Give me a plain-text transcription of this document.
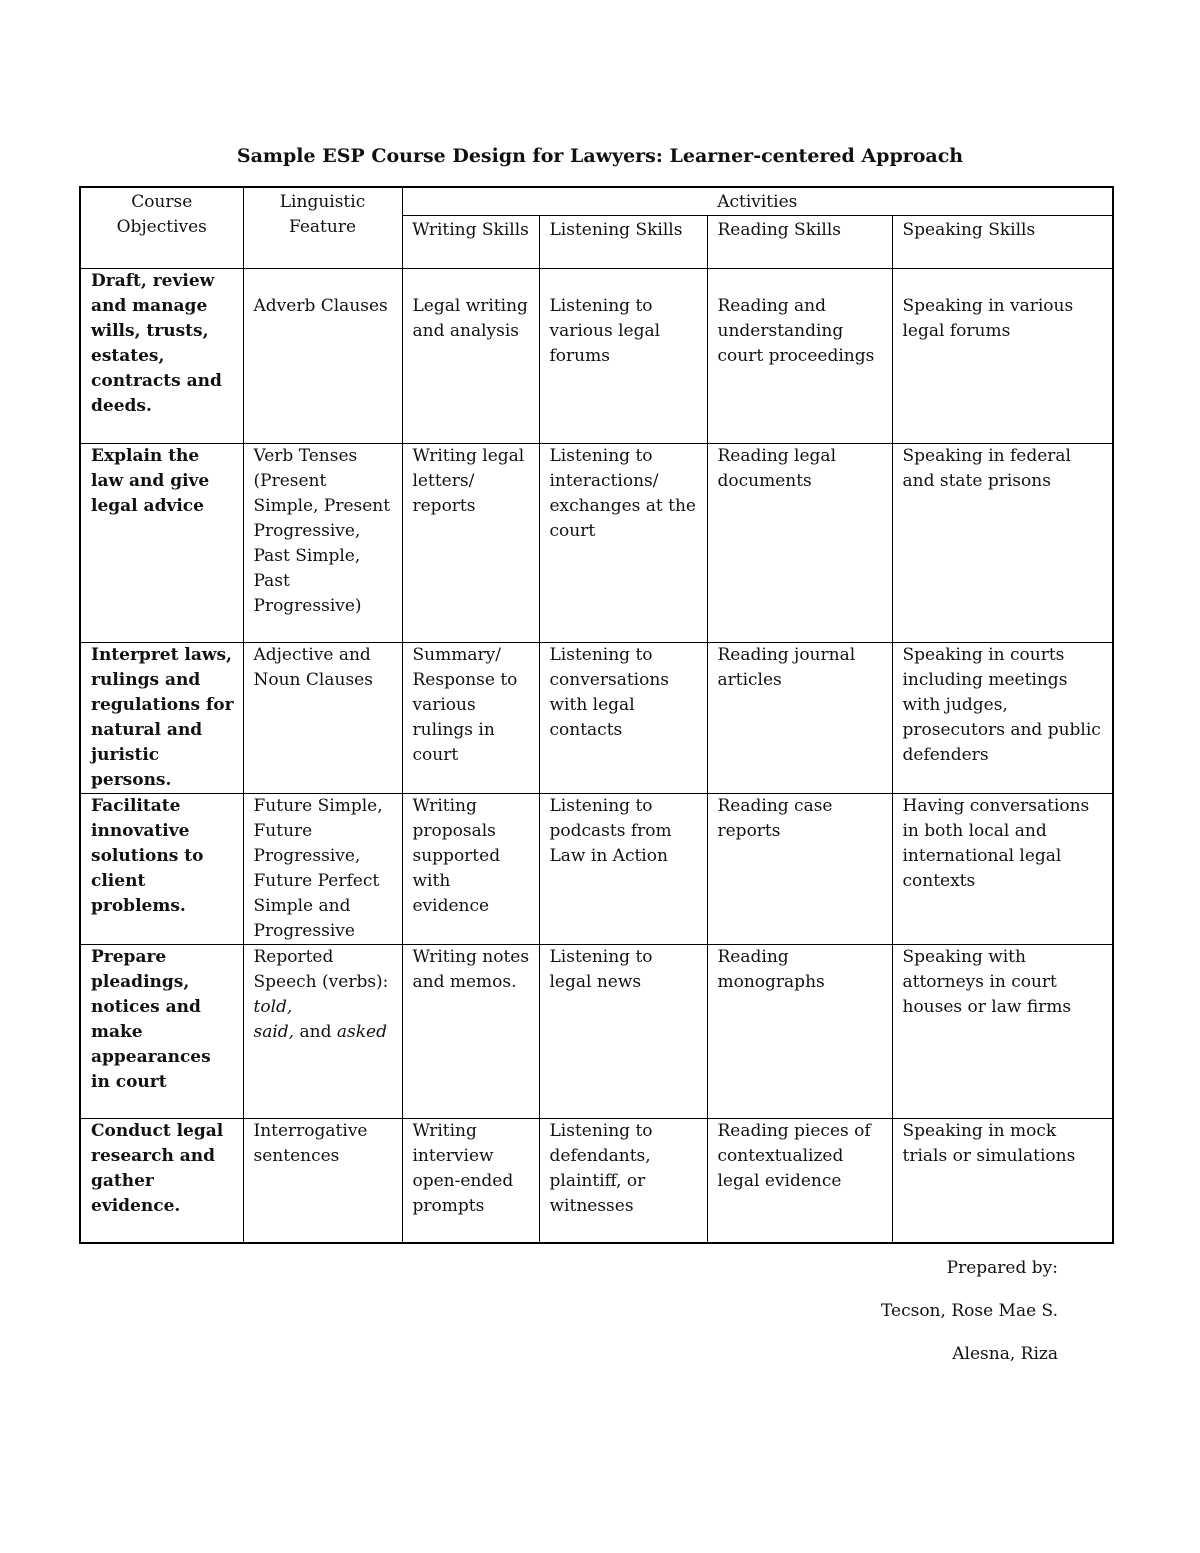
Sample ESP Course Design for Lawyers: Learner-centered Approach
Course Objectives	Linguistic Feature	Activities			
		Writing Skills	Listening Skills	Reading Skills	Speaking Skills
Draft, review and manage wills, trusts, estates, contracts and deeds.	Adverb Clauses	Legal writing and analysis	Listening to various legal forums	Reading and understanding court proceedings	Speaking in various legal forums
Explain the law and give legal advice	Verb Tenses (Present Simple, Present Progressive, Past Simple, Past Progressive)	Writing legal letters/ reports	Listening to interactions/ exchanges at the court	Reading legal documents	Speaking in federal and state prisons
Interpret laws, rulings and regulations for natural and juristic persons.	Adjective and Noun Clauses	Summary/ Response to various rulings in court	Listening to conversations with legal contacts	Reading journal articles	Speaking in courts including meetings with judges, prosecutors and public defenders
Facilitate innovative solutions to client problems.	Future Simple, Future Progressive, Future Perfect Simple and Progressive	Writing proposals supported with evidence	Listening to podcasts from Law in Action	Reading case reports	Having conversations in both local and international legal contexts
Prepare pleadings, notices and make appearances in court	Reported Speech (verbs):
told,
said, and asked	Writing notes and memos.	Listening to legal news	Reading monographs	Speaking with attorneys in court houses or law firms
Conduct legal research and gather evidence.	Interrogative sentences	Writing interview open-ended prompts	Listening to defendants, plaintiff, or witnesses	Reading pieces of contextualized legal evidence	Speaking in mock trials or simulations
Prepared by:
Tecson, Rose Mae S.
Alesna, Riza
